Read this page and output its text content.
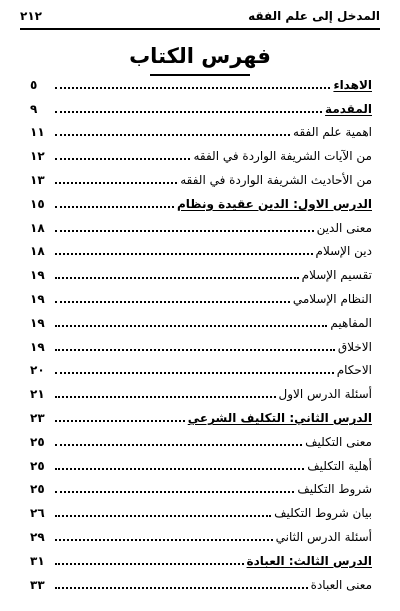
المدخل إلى علم الفقه
٢١٢
فهرس الكتاب
الاهداء
٥
المقدمة
٩
اهمية علم الفقه
١١
من الآيات الشريفة الواردة في الفقه
١٢
من الأحاديث الشريفة الواردة في الفقه
١٣
الدرس الاول: الدين عقيدة ونظام
١٥
معنى الدين
١٨
دين الإسلام
١٨
تقسيم الإسلام
١٩
النظام الإسلامي
١٩
المفاهيم
١٩
الاخلاق
١٩
الاحكام
٢٠
أسئلة الدرس الاول
٢١
الدرس الثاني: التكليف الشرعي
٢٣
معنى التكليف
٢٥
أهلية التكليف
٢٥
شروط التكليف
٢٥
بيان شروط التكليف
٢٦
أسئلة الدرس الثاني
٢٩
الدرس الثالث: العبادة
٣١
معنى العبادة
٣٣
